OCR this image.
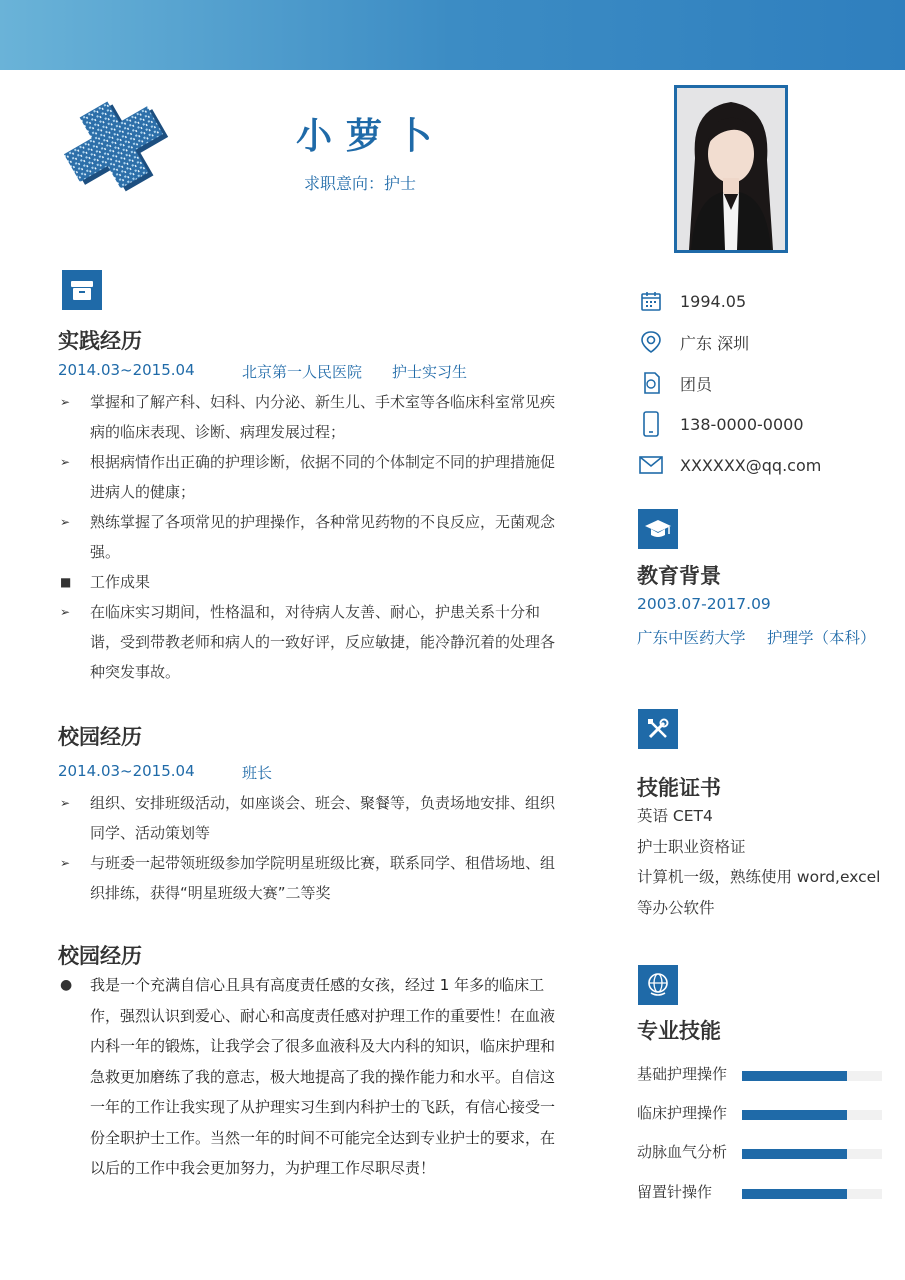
小萝卜
求职意向：护士
实践经历
2014.03~2015.04	北京第一人民医院 护士实习生
➢ 掌握和了解产科、妇科、内分泌、新生儿、手术室等各临床科室常见疾病的临床表现、诊断、病理发展过程；
➢ 根据病情作出正确的护理诊断，依据不同的个体制定不同的护理措施促进病人的健康；
➢ 熟练掌握了各项常见的护理操作，各种常见药物的不良反应，无菌观念强。
■ 工作成果
➢ 在临床实习期间，性格温和，对待病人友善、耐心，护患关系十分和谐，受到带教老师和病人的一致好评，反应敏捷，能冷静沉着的处理各种突发事故。
校园经历
2014.03~2015.04	班长
➢ 组织、安排班级活动，如座谈会、班会、聚餐等，负责场地安排、组织同学、活动策划等
➢ 与班委一起带领班级参加学院明星班级比赛，联系同学、租借场地、组织排练，获得“明星班级大赛”二等奖
校园经历
● 我是一个充满自信心且具有高度责任感的女孩，经过 1 年多的临床工作，强烈认识到爱心、耐心和高度责任感对护理工作的重要性！在血液内科一年的锻炼，让我学会了很多血液科及大内科的知识，临床护理和急救更加磨练了我的意志，极大地提高了我的操作能力和水平。自信这一年的工作让我实现了从护理实习生到内科护士的飞跃，有信心接受一份全职护士工作。当然一年的时间不可能完全达到专业护士的要求，在以后的工作中我会更加努力，为护理工作尽职尽责！
1994.05
广东 深圳
团员
138-0000-0000
XXXXXX@qq.com
教育背景
2003.07-2017.09
广东中医药大学 护理学（本科）
技能证书
英语 CET4
护士职业资格证
计算机一级，熟练使用 word,excel
等办公软件
专业技能
基础护理操作
临床护理操作
动脉血气分析
留置针操作
